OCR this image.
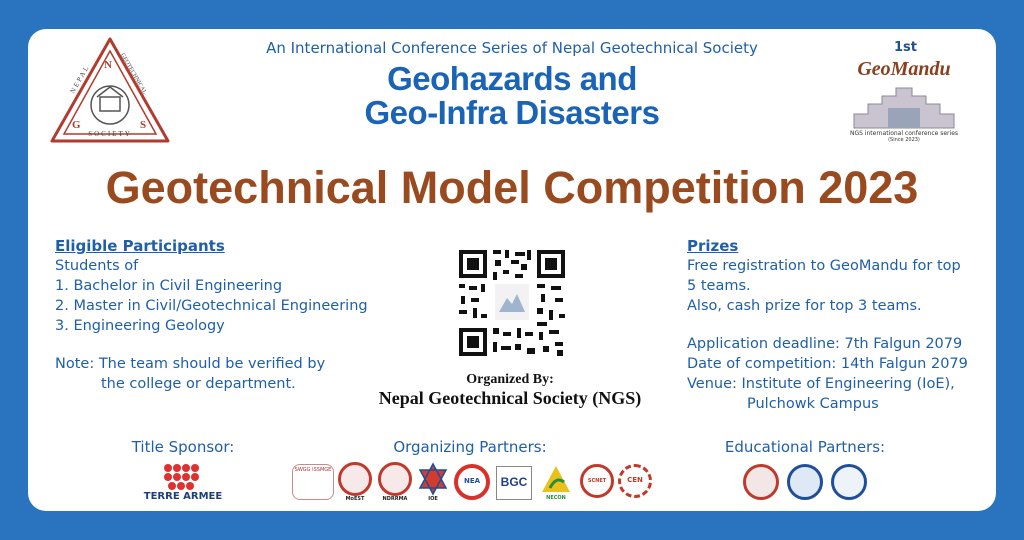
N
G	S
NEPAL	GEOTECHNICAL
SOCIETY
1st
GeoMandu
NGS international conference series
(Since 2023)
An International Conference Series of Nepal Geotechnical Society
Geohazards and
Geo-Infra Disasters
Geotechnical Model Competition 2023
Eligible Participants
Students of
1. Bachelor in Civil Engineering
2. Master in Civil/Geotechnical Engineering
3. Engineering Geology
Note: The team should be verified by
the college or department.	Organized By:
Nepal Geotechnical Society (NGS)
Prizes
Free registration to GeoMandu for top
5 teams.
Also, cash prize for top 3 teams.
Application deadline: 7th Falgun 2079
Date of competition: 14th Falgun 2079
Venue: Institute of Engineering (IoE),
Pulchowk Campus
Title Sponsor:
TERRE ARMEE
Organizing Partners:
SWGG ISSMGE
MoEST	NDRRMA	IOE
NEA	BGC
NECON
SCNET	CEN
Educational Partners:
